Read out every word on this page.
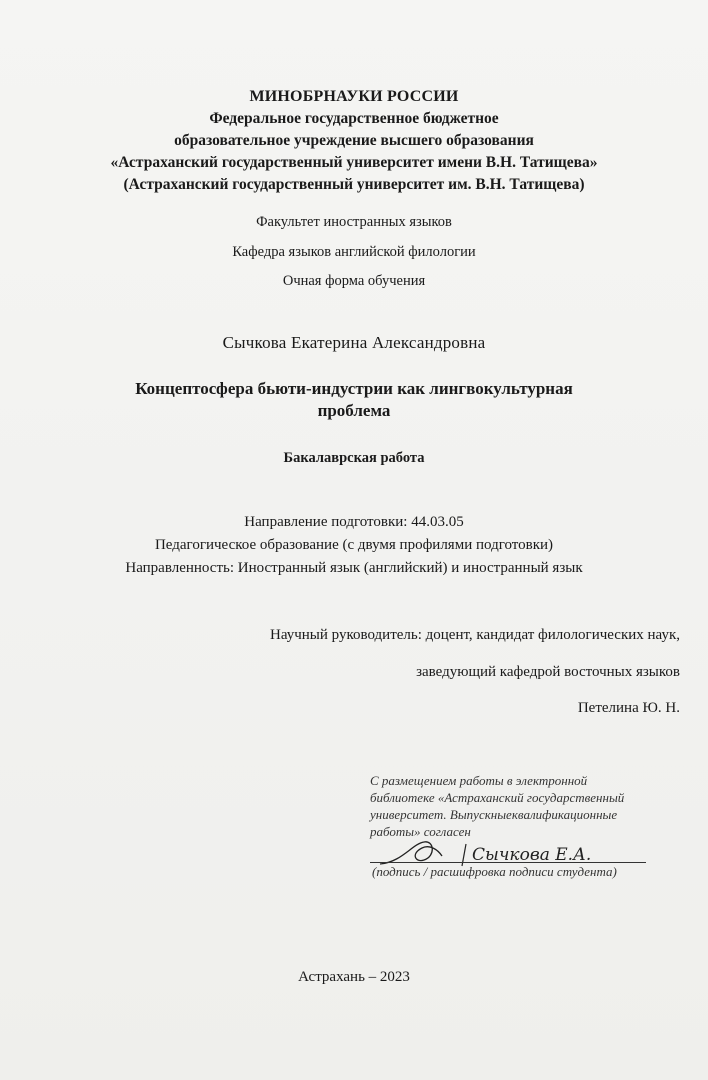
МИНОБРНАУКИ РОССИИ
Федеральное государственное бюджетное
образовательное учреждение высшего образования
«Астраханский государственный университет имени В.Н. Татищева»
(Астраханский государственный университет им. В.Н. Татищева)
Факультет иностранных языков
Кафедра языков английской филологии
Очная форма обучения
Сычкова Екатерина Александровна
Концептосфера бьюти-индустрии как лингвокультурная
проблема
Бакалаврская работа
Направление подготовки: 44.03.05
Педагогическое образование (с двумя профилями подготовки)
Направленность: Иностранный язык (английский) и иностранный язык
Научный руководитель: доцент, кандидат филологических наук,
заведующий кафедрой восточных языков
Петелина Ю. Н.
С размещением работы в электронной
библиотеке «Астраханский государственный
университет. Выпускныеквалификационные
работы» согласен
Сычкова Е.А.
(подпись / расшифровка подписи студента)
Астрахань – 2023
